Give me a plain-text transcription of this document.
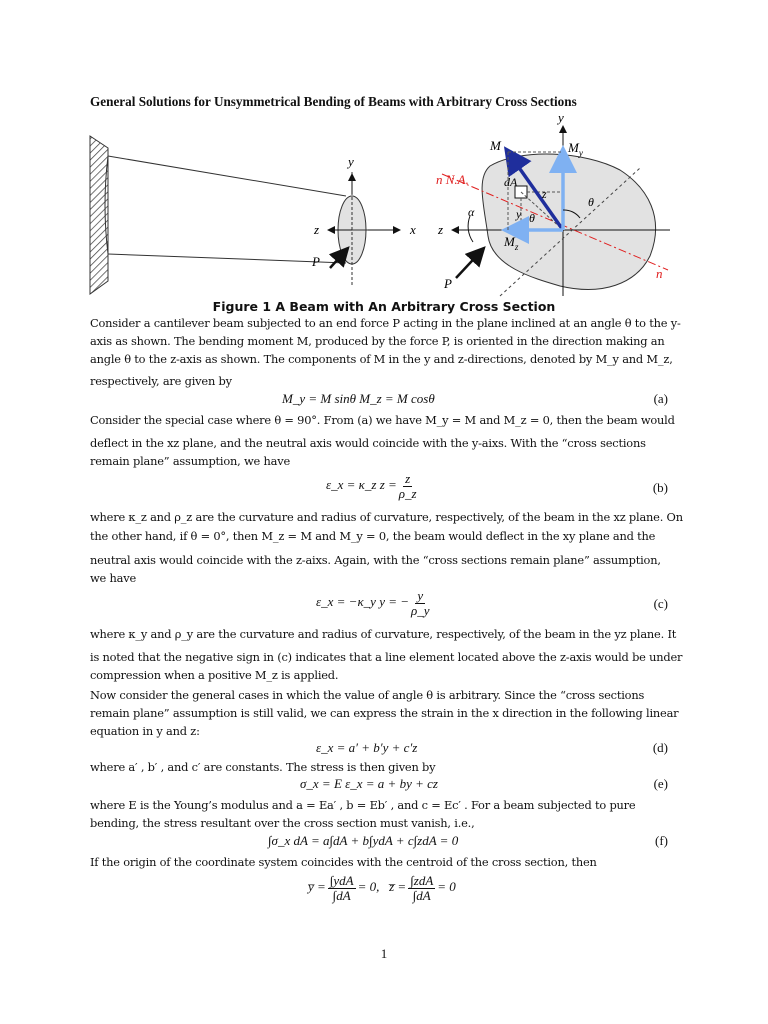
General Solutions for Unsymmetrical Bending of Beams with Arbitrary Cross Sections
y
z	x
P
y
M	$M_y$
n N.A.	dA
z
θ
α	y θ
z
$M_z$
n
P
Figure 1 A Beam with An Arbitrary Cross Section
Consider a cantilever beam subjected to an end force P acting in the plane inclined at an angle θ to the y-
axis as shown. The bending moment M, produced by the force P, is oriented in the direction making an
angle θ to the z-axis as shown. The components of M in the y and z-directions, denoted by M_y and M_z,
respectively, are given by
M_y = M sinθ M_z = M cosθ	(a)
Consider the special case where θ = 90°. From (a) we have M_y = M and M_z = 0, then the beam would
deflect in the xz plane, and the neutral axis would coincide with the y-aixs. With the “cross sections
remain plane” assumption, we have
ε_x = κ_z $z = \frac{z}{\rho\_z}$	(b)
where κ_z and ρ_z are the curvature and radius of curvature, respectively, of the beam in the xz plane. On
the other hand, if θ = 0°, then M_z = M and M_y = 0, the beam would deflect in the xy plane and the
neutral axis would coincide with the z-aixs. Again, with the “cross sections remain plane” assumption,
we have
ε_x = −κ_y y = − $\frac{y}{\rho\_y}$	(c)
where κ_y and ρ_y are the curvature and radius of curvature, respectively, of the beam in the yz plane. It
is noted that the negative sign in (c) indicates that a line element located above the z-axis would be under
compression when a positive M_z is applied.
Now consider the general cases in which the value of angle θ is arbitrary. Since the “cross sections
remain plane” assumption is still valid, we can express the strain in the x direction in the following linear
equation in y and z:
ε_x = a′ + b′y + c′z	(d)
where a′ , b′ , and c′ are constants. The stress is then given by
σ_x = E ε_x = a + by + cz	(e)
where E is the Young’s modulus and a = Ea′ , b = Eb′ , and c = Ec′ . For a beam subjected to pure
bending, the stress resultant over the cross section must vanish, i.e.,
∫σ_x dA = a∫dA + b∫ydA + c∫zdA = 0	(f)
If the origin of the coordinate system coincides with the centroid of the cross section, then
y̅ = $\frac{\text{∫ydA}}{\int dA} = 0$, z̅ = $\frac{\text{∫zdA}}{\int dA} = 0$
1
